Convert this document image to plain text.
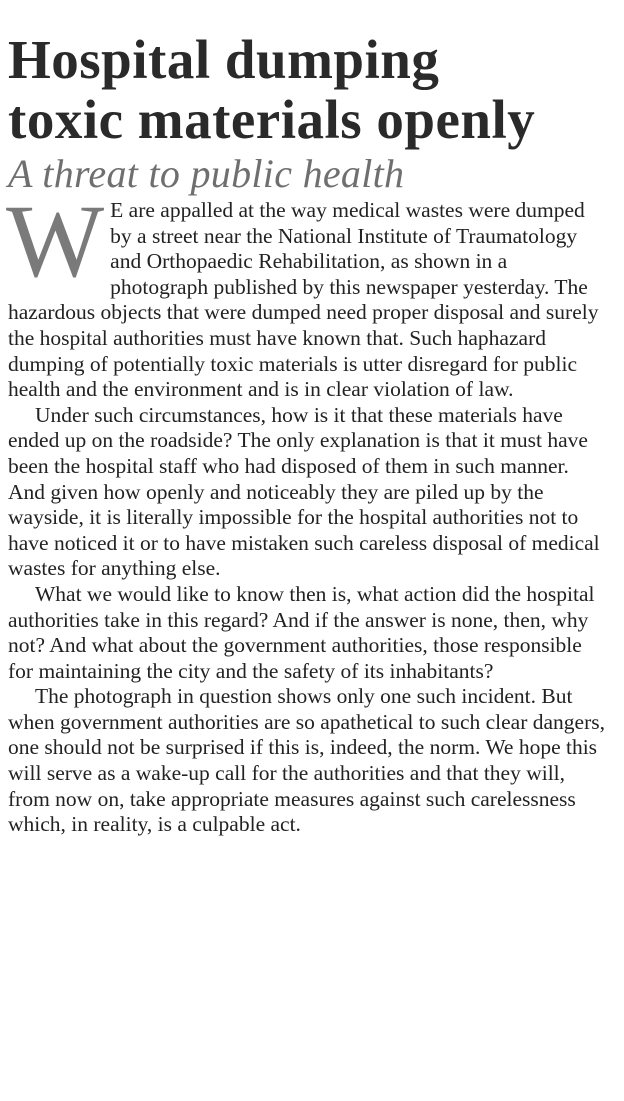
Hospital dumping
toxic materials openly
A threat to public health

W E are appalled at the way medical wastes were dumped by a street near the National Institute of Traumatology and Orthopaedic Rehabilitation, as shown in a photograph published by this newspaper yesterday. The hazardous objects that were dumped need proper disposal and surely the hospital authorities must have known that. Such haphazard dumping of potentially toxic materials is utter disregard for public health and the environment and is in clear violation of law.

Under such circumstances, how is it that these materials have ended up on the roadside? The only explanation is that it must have been the hospital staff who had disposed of them in such manner. And given how openly and noticeably they are piled up by the wayside, it is literally impossible for the hospital authorities not to have noticed it or to have mistaken such careless disposal of medical wastes for anything else.

What we would like to know then is, what action did the hospital authorities take in this regard? And if the answer is none, then, why not? And what about the government authorities, those responsible for maintaining the city and the safety of its inhabitants?

The photograph in question shows only one such incident. But when government authorities are so apathetical to such clear dangers, one should not be surprised if this is, indeed, the norm. We hope this will serve as a wake-up call for the authorities and that they will, from now on, take appropriate measures against such carelessness which, in reality, is a culpable act.
